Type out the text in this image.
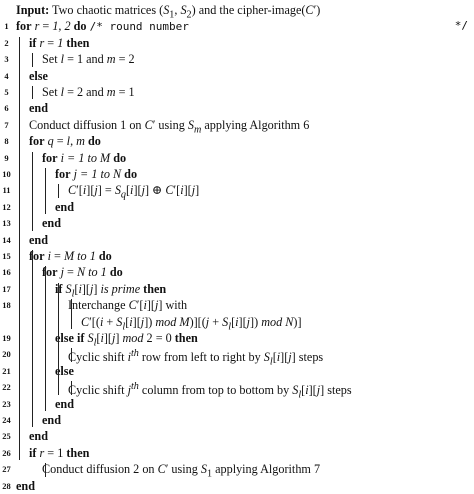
Input: Two chaotic matrices ($S_1$, $S_2$) and the cipher-image(C′)
1 for r = 1, 2 do /* round number	*/
2	if r = 1 then
3	Set l = 1 and m = 2
4	else
5	Set l = 2 and m = 1
6	end
7	Conduct diffusion 1 on C′ using $S_m$ applying Algorithm 6
8	for q = l, m do
9	for i = 1 to M do
10	for j = 1 to N do
11	$C'[i][j] = S_q[i][j]$ ⊕ C′[i][j]
12	end
13	end
14 end
15 for i = M to 1 do
16	for j = N to 1 do
17	if $S_l[i][j]$ is prime then
18	Interchange C′[i][j] with
$C'[(i + S_l[i][j])$ mod $M)][(j + S_l[i][j])$ mod N)]
19	else if $S_l[i][j]$ mod 2 = 0 then
20	Cyclic shift $i^{th}$ row from left to right by $S_l[i][j]$ steps
21	else
22	Cyclic shift $j^{th}$ column from top to bottom by $S_l[i][j]$ steps
23	end
24	end
25 end
26 if r = 1 then
27	Conduct diffusion 2 on C′ using $S_1$ applying Algorithm 7
28 end
